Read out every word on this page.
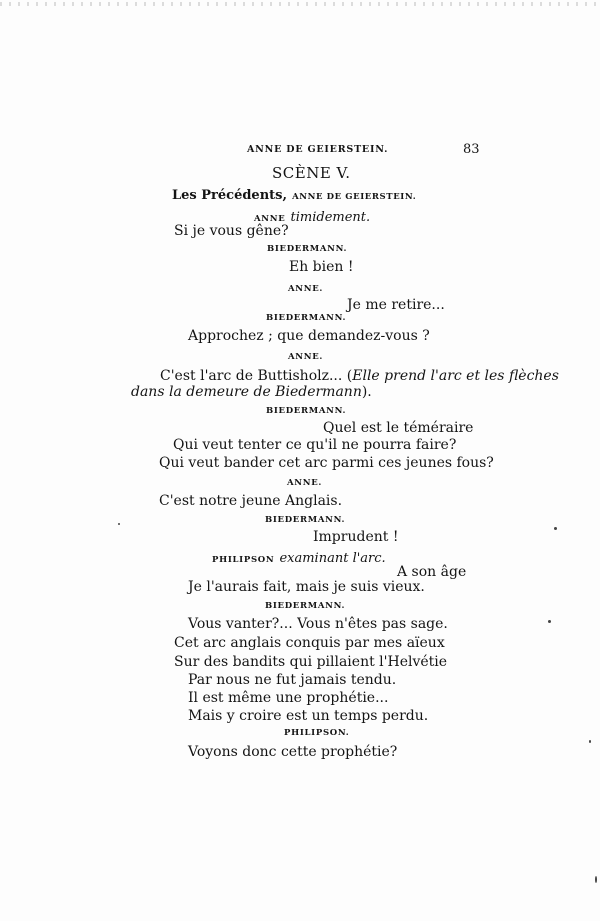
ANNE DE GEIERSTEIN.	83
SCÈNE V.
Les Précédents, ANNE DE GEIERSTEIN.
ANNE timidement.
Si je vous gêne?
BIEDERMANN.
Eh bien !
ANNE.
Je me retire...
BIEDERMANN.
Approchez ; que demandez-vous ?
ANNE.
C'est l'arc de Buttisholz... (Elle prend l'arc et les flèches
dans la demeure de Biedermann).
BIEDERMANN.
Quel est le téméraire
Qui veut tenter ce qu'il ne pourra faire?
Qui veut bander cet arc parmi ces jeunes fous?
ANNE.
C'est notre jeune Anglais.
BIEDERMANN.
Imprudent !
PHILIPSON examinant l'arc.
A son âge
Je l'aurais fait, mais je suis vieux.
BIEDERMANN.
Vous vanter?... Vous n'êtes pas sage.
Cet arc anglais conquis par mes aïeux
Sur des bandits qui pillaient l'Helvétie
Par nous ne fut jamais tendu.
Il est même une prophétie...
Mais y croire est un temps perdu.
PHILIPSON.
Voyons donc cette prophétie?
